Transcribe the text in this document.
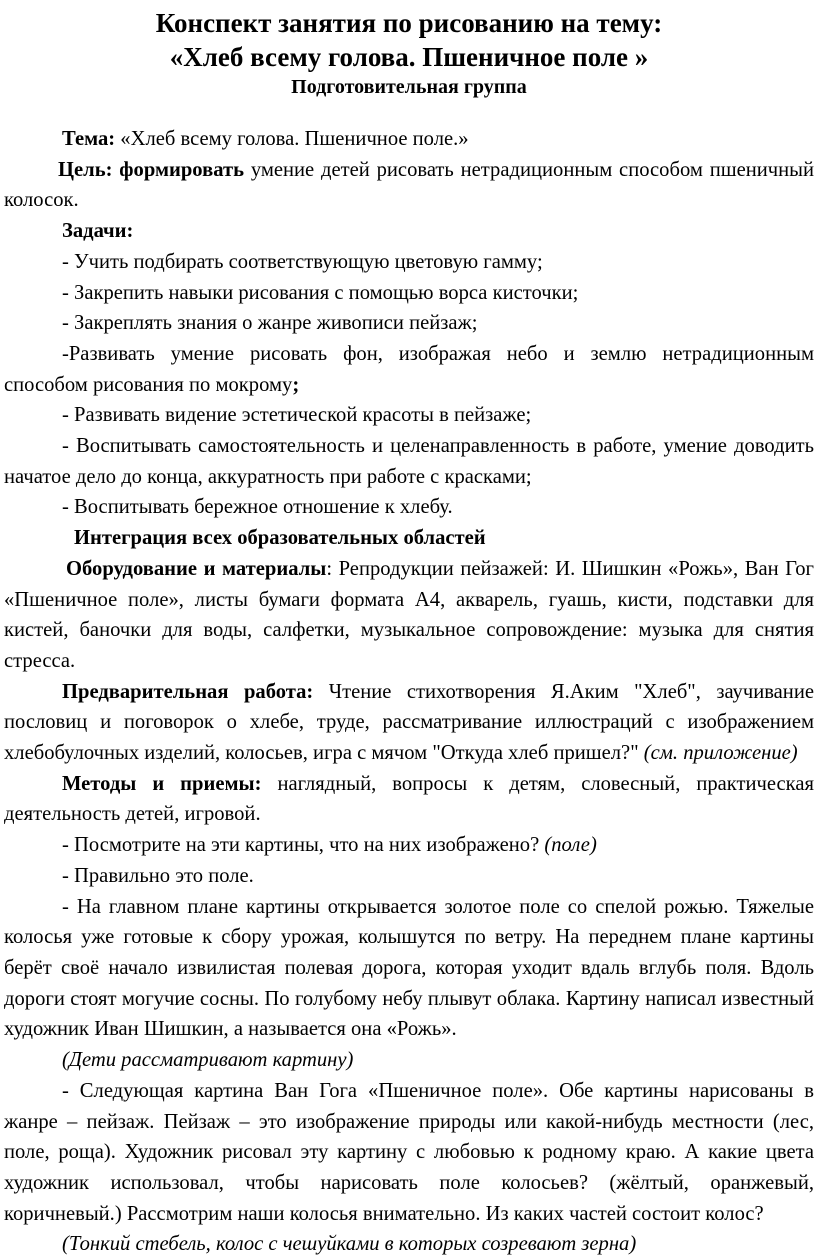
Конспект занятия по рисованию на тему:

«Хлеб всему голова. Пшеничное поле »

Подготовительная группа

Тема: «Хлеб всему голова. Пшеничное поле.»

Цель: формировать умение детей рисовать нетрадиционным способом пшеничный колосок.

Задачи:

- Учить подбирать соответствующую цветовую гамму;

- Закрепить навыки рисования с помощью ворса кисточки;

- Закреплять знания о жанре живописи пейзаж;

-Развивать умение рисовать фон, изображая небо и землю нетрадиционным способом рисования по мокрому;

- Развивать видение эстетической красоты в пейзаже;

- Воспитывать самостоятельность и целенаправленность в работе, умение доводить начатое дело до конца, аккуратность при работе с красками;

- Воспитывать бережное отношение к хлебу.

Интеграция всех образовательных областей

Оборудование и материалы: Репродукции пейзажей: И. Шишкин «Рожь», Ван Гог «Пшеничное поле», листы бумаги формата А4, акварель, гуашь, кисти, подставки для кистей, баночки для воды, салфетки, музыкальное сопровождение: музыка для снятия стресса.

Предварительная работа: Чтение стихотворения Я.Аким "Хлеб", заучивание пословиц и поговорок о хлебе, труде, рассматривание иллюстраций с изображением хлебобулочных изделий, колосьев, игра с мячом "Откуда хлеб пришел?" (см. приложение)

Методы и приемы: наглядный, вопросы к детям, словесный, практическая деятельность детей, игровой.

- Посмотрите на эти картины, что на них изображено? (поле)

- Правильно это поле.

- На главном плане картины открывается золотое поле со спелой рожью. Тяжелые колосья уже готовые к сбору урожая, колышутся по ветру. На переднем плане картины берёт своё начало извилистая полевая дорога, которая уходит вдаль вглубь поля. Вдоль дороги стоят могучие сосны. По голубому небу плывут облака. Картину написал известный художник Иван Шишкин, а называется она «Рожь».

(Дети рассматривают картину)

- Следующая картина Ван Гога «Пшеничное поле». Обе картины нарисованы в жанре – пейзаж. Пейзаж – это изображение природы или какой-нибудь местности (лес, поле, роща). Художник рисовал эту картину с любовью к родному краю. А какие цвета художник использовал, чтобы нарисовать поле колосьев? (жёлтый, оранжевый, коричневый.) Рассмотрим наши колосья внимательно. Из каких частей состоит колос?

(Тонкий стебель, колос с чешуйками в которых созревают зерна)
